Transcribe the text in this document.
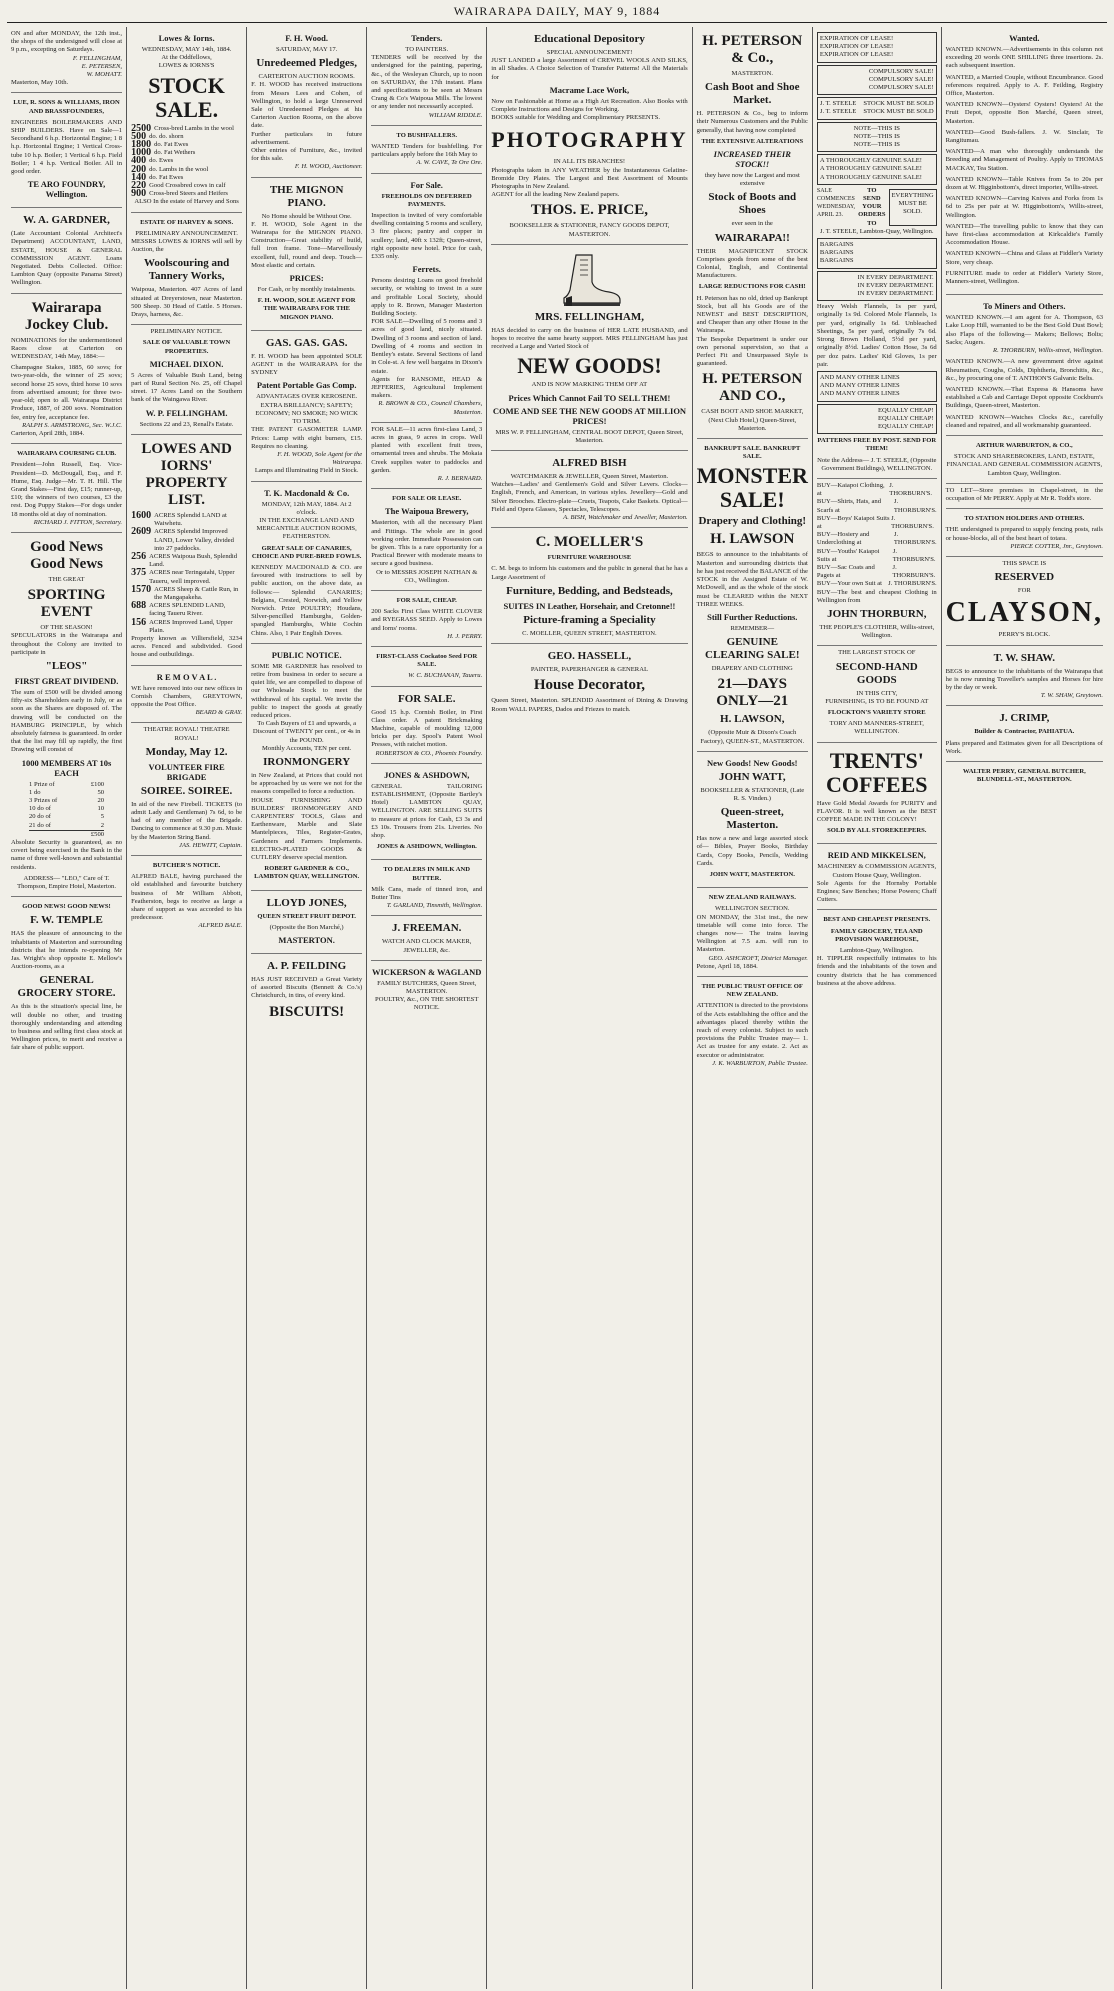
WAIRARAPA DAILY, MAY 9, 1884
ON and after MONDAY, the 12th inst., the shops of the undersigned will close at 9 p.m., excepting on Saturdays.
F. FELLINGHAM,
E. PETERSEN,
W. MOHATT.
Masterton, May 10th.
LUE, R. SONS & WILLIAMS, IRON AND BRASSFOUNDERS,
ENGINEERS BOILERMAKERS AND SHIP BUILDERS. Have on Sale—1 Secondhand 6 h.p. Horizontal Engine; 1 8 h.p. Horizontal Engine; 1 Vertical Cross-tube 10 h.p. Boiler; 1 Vertical 6 h.p. Field Boiler; 1 4 h.p. Vertical Boiler. All in good order.
TE ARO FOUNDRY, Wellington.
W. A. GARDNER,
(Late Accountant Colonial Architect's Department) ACCOUNTANT, LAND, ESTATE, HOUSE & GENERAL COMMISSION AGENT. Loans Negotiated. Debts Collected. Office: Lambton Quay (opposite Panama Street) Wellington.
Wairarapa Jockey Club.
NOMINATIONS for the undermentioned Races close at Carterton on WEDNESDAY, 14th May, 1884:—
Champagne Stakes, 1885, 60 sovs; for two-year-olds, the winner of 25 sovs; second horse 25 sovs, third horse 10 sovs from advertised amount; for three two-year-old; open to all. Wairarapa District Produce, 1887, of 200 sovs. Nomination fee, entry fee, acceptance fee.
RALPH S. ARMSTRONG, Sec. W.J.C.
Carterton, April 28th, 1884.
WAIRARAPA COURSING CLUB.
President—John Russell, Esq. Vice-President—D. McDougall, Esq., and F. Hume, Esq. Judge—Mr. T. H. Hill. The Grand Stakes—First day, £15; runner-up, £10; the winners of two courses, £3 the rest. Dog Puppy Stakes—For dogs under 18 months old at day of nomination.
RICHARD J. FITTON, Secretary.
Good News Good News
THE GREAT
SPORTING EVENT
OF THE SEASON!
SPECULATORS in the Wairarapa and throughout the Colony are invited to participate in
"LEOS"
FIRST GREAT DIVIDEND.
The sum of £500 will be divided among fifty-six Shareholders early in July, or as soon as the Shares are disposed of. The drawing will be conducted on the HAMBURG PRINCIPLE, by which absolutely fairness is guaranteed. In order that the list may fill up rapidly, the first Drawing will consist of
1000 MEMBERS AT 10s EACH
1 Prize of	£100
1 do	50
3 Prizes of	20
10 do of	10
20 do of	5
21 do of	2
£500
Absolute Security is guaranteed, as no covert being exercised in the Bank in the name of three well-known and substantial residents.
ADDRESS— "LEO," Care of T. Thompson, Empire Hotel, Masterton.
GOOD NEWS! GOOD NEWS!
F. W. TEMPLE
HAS the pleasure of announcing to the inhabitants of Masterton and surrounding districts that he intends re-opening Mr Jas. Wright's shop opposite E. Mellow's Auction-rooms, as a
GENERAL GROCERY STORE.
As this is the situation's special line, he will double no other, and trusting thoroughly understanding and attending to business and selling first class stock at Wellington prices, to merit and receive a fair share of public support.
Lowes & Iorns.
WEDNESDAY, MAY 14th, 1884.
At the Oddfellows,
LOWES & IORNS'S
STOCK SALE.
2500 Cross-bred Lambs in the wool
500 do. do. shorn
1800 do. Fat Ewes
1000 do. Fat Wethers
400 do. Ewes
200 do. Lambs in the wool
140 do. Fat Ewes
220 Good Crossbred cows in calf
900 Cross-bred Steers and Heifers
ALSO In the estate of Harvey and Sons
ESTATE OF HARVEY & SONS.
PRELIMINARY ANNOUNCEMENT.
MESSRS LOWES & IORNS will sell by Auction, the
Woolscouring and Tannery Works,
Waipoua, Masterton. 407 Acres of land situated at Dreyerstown, near Masterton. 500 Sheep. 30 Head of Cattle. 5 Horses. Drays, harness, &c.
PRELIMINARY NOTICE.
SALE OF VALUABLE TOWN PROPERTIES.
MICHAEL DIXON.
5 Acres of Valuable Bush Land, being part of Rural Section No. 25, off Chapel street. 17 Acres Land on the Southern bank of the Waingawa River.
W. P. FELLINGHAM.
Sections 22 and 23, Renall's Estate.
LOWES AND IORNS' PROPERTY LIST.
1600 ACRES Splendid LAND at Waiwhetu.
2609 ACRES Splendid Improved LAND, Lower Valley, divided into 27 paddocks.
256 ACRES Waipoua Bush, Splendid Land.
375 ACRES near Teringatahi, Upper Taueru, well improved.
1570 ACRES Sheep & Cattle Run, in the Mangapakeha.
688 ACRES SPLENDID LAND, facing Taueru River.
156 ACRES Improved Land, Upper Plain.
Property known as Villiersfield, 3234 acres. Fenced and subdivided. Good house and outbuildings.
R E M O V A L .
WE have removed into our new offices in Cornish Chambers, GREYTOWN, opposite the Post Office.
BEARD & GRAY.
THEATRE ROYAL! THEATRE ROYAL!
Monday, May 12.
VOLUNTEER FIRE BRIGADE
SOIREE. SOIREE.
In aid of the new Firebell. TICKETS (to admit Lady and Gentleman) 7s 6d, to be had of any member of the Brigade. Dancing to commence at 9.30 p.m. Music by the Masterton String Band.
JAS. HEWITT, Captain.
BUTCHER'S NOTICE.
ALFRED BALE, having purchased the old established and favourite butchery business of Mr William Abbott, Featherston, begs to receive as large a share of support as was accorded to his predecessor.
ALFRED BALE.
F. H. Wood.
SATURDAY, MAY 17.
Unredeemed Pledges,
CARTERTON AUCTION ROOMS.
F. H. WOOD has received instructions from Messrs Lees and Cohen, of Wellington, to hold a large Unreserved Sale of Unredeemed Pledges at his Carterton Auction Rooms, on the above date.
Further particulars in future advertisement.
Other entries of Furniture, &c., invited for this sale.
F. H. WOOD, Auctioneer.
THE MIGNON PIANO.
No Home should be Without One.
F. H. WOOD, Sole Agent in the Wairarapa for the MIGNON PIANO. Construction—Great stability of build, full iron frame. Tone—Marvellously excellent, full, round and deep. Touch—Most elastic and certain.
PRICES:
For Cash, or by monthly instalments.
F. H. WOOD, SOLE AGENT FOR THE WAIRARAPA FOR THE MIGNON PIANO.
GAS. GAS. GAS.
F. H. WOOD has been appointed SOLE AGENT in the WAIRARAPA for the SYDNEY
Patent Portable Gas Comp.
ADVANTAGES OVER KEROSENE. EXTRA BRILLIANCY; SAFETY; ECONOMY; NO SMOKE; NO WICK TO TRIM.
THE PATENT GASOMETER LAMP. Prices: Lamp with eight burners, £15. Requires no cleaning.
F. H. WOOD, Sole Agent for the Wairarapa.
Lamps and Illuminating Field in Stock.
T. K. Macdonald & Co.
MONDAY, 12th MAY, 1884. At 2 o'clock.
IN THE EXCHANGE LAND AND MERCANTILE AUCTION ROOMS, FEATHERSTON.
GREAT SALE OF CANARIES, CHOICE AND PURE-BRED FOWLS.
KENNEDY MACDONALD & CO. are favoured with instructions to sell by public auction, on the above date, as follows:— Splendid CANARIES; Belgians, Crested, Norwich, and Yellow Norwich. Prize POULTRY; Houdans, Silver-pencilled Hamburghs, Golden-spangled Hamburghs, White Cochin Chins. Also, 1 Pair English Doves.
PUBLIC NOTICE.
SOME MR GARDNER has resolved to retire from business in order to secure a quiet life, we are compelled to dispose of our Wholesale Stock to meet the withdrawal of his capital. We invite the public to inspect the goods at greatly reduced prices.
To Cash Buyers of £1 and upwards, a Discount of TWENTY per cent., or 4s in the POUND.
Monthly Accounts, TEN per cent.
IRONMONGERY
in New Zealand, at Prices that could not be approached by us were we not for the reasons compelled to force a reduction.
HOUSE FURNISHING AND BUILDERS' IRONMONGERY AND CARPENTERS' TOOLS, Glass and Earthenware, Marble and Slate Mantelpieces, Tiles, Register-Grates, Gardeners and Farmers Implements. ELECTRO-PLATED GOODS & CUTLERY deserve special mention.
ROBERT GARDNER & CO., LAMBTON QUAY, WELLINGTON.
LLOYD JONES,
QUEEN STREET FRUIT DEPOT.
(Opposite the Bon Marché,)
MASTERTON.
A. P. FEILDING
HAS JUST RECEIVED a Great Variety of assorted Biscuits (Bennett & Co.'s) Christchurch, in tins, of every kind.
BISCUITS!
Tenders.
TO PAINTERS.
TENDERS will be received by the undersigned for the painting, papering, &c., of the Wesleyan Church, up to noon on SATURDAY, the 17th instant. Plans and specifications to be seen at Messrs Crang & Co's Waipoua Mills. The lowest or any tender not necessarily accepted.
WILLIAM RIDDLE.
TO BUSHFALLERS.
WANTED Tenders for bushfelling. For particulars apply before the 16th May to
A. W. CAVE, Te Ore Ore.
For Sale.
FREEHOLDS ON DEFERRED PAYMENTS.
Inspection is invited of very comfortable dwelling containing 5 rooms and scullery, 3 fire places; pantry and copper in scullery; land, 40ft x 132ft; Queen-street, right opposite new hotel. Price for cash, £335 only.
Ferrets.
Persons desiring Loans on good freehold security, or wishing to invest in a sure and profitable Local Society, should apply to R. Brown, Manager Masterton Building Society.
FOR SALE—Dwelling of 5 rooms and 3 acres of good land, nicely situated. Dwelling of 3 rooms and section of land. Dwelling of 4 rooms and section in Bentley's estate. Several Sections of land in Cole-st. A few well bargains in Dixon's estate.
Agents for RANSOME, HEAD & JEFFERIES, Agricultural Implement makers.
R. BROWN & CO., Council Chambers, Masterton.
FOR SALE—11 acres first-class Land, 3 acres in grass, 9 acres in crops. Well planted with excellent fruit trees, ornamental trees and shrubs. The Mokaia Creek supplies water to paddocks and garden.
R. J. BERNARD.
FOR SALE OR LEASE.
The Waipoua Brewery,
Masterton, with all the necessary Plant and Fittings. The whole are in good working order. Immediate Possession can be given. This is a rare opportunity for a Practical Brewer with moderate means to secure a good business.
Or to MESSRS JOSEPH NATHAN & CO., Wellington.
FOR SALE, CHEAP.
200 Sacks First Class WHITE CLOVER and RYEGRASS SEED. Apply to Lowes and Iorns' rooms.
H. J. PERRY.
FIRST-CLASS Cockatoo Seed FOR SALE.
W. C. BUCHANAN, Taueru.
FOR SALE.
Good 15 h.p. Cornish Boiler, in First Class order. A patent Brickmaking Machine, capable of moulding 12,000 bricks per day. Spool's Patent Wool Presses, with ratchet motion.
ROBERTSON & CO., Phoenix Foundry.
JONES & ASHDOWN,
GENERAL TAILORING ESTABLISHMENT, (Opposite Bartley's Hotel) LAMBTON QUAY, WELLINGTON. ARE SELLING SUITS to measure at prices for Cash, £3 3s and £3 10s. Trousers from 21s. Liveries. No shop.
JONES & ASHDOWN, Wellington.
TO DEALERS IN MILK AND BUTTER.
Milk Cans, made of tinned iron, and Butter Tins
T. GARLAND, Tinsmith, Wellington.
J. FREEMAN.
WATCH AND CLOCK MAKER, JEWELLER, &c.
WICKERSON & WAGLAND
FAMILY BUTCHERS, Queen Street, MASTERTON.
POULTRY, &c., ON THE SHORTEST NOTICE.
Educational Depository
SPECIAL ANNOUNCEMENT!
JUST LANDED a large Assortment of CREWEL WOOLS AND SILKS, in all Shades. A Choice Selection of Transfer Patterns! All the Materials for
Macrame Lace Work,
Now on Fashionable at Home as a High Art Recreation. Also Books with Complete Instructions and Designs for Working.
BOOKS suitable for Wedding and Complimentary PRESENTS.
PHOTOGRAPHY
IN ALL ITS BRANCHES!
Photographs taken in ANY WEATHER by the Instantaneous Gelatine-Bromide Dry Plates. The Largest and Best Assortment of Mounts Photographs in New Zealand.
AGENT for all the leading New Zealand papers.
THOS. E. PRICE,
BOOKSELLER & STATIONER, FANCY GOODS DEPOT, MASTERTON.
MRS. FELLINGHAM,
HAS decided to carry on the business of HER LATE HUSBAND, and hopes to receive the same hearty support. MRS FELLINGHAM has just received a Large and Varied Stock of
NEW GOODS!
AND IS NOW MARKING THEM OFF AT
Prices Which Cannot Fail TO SELL THEM!
COME AND SEE THE NEW GOODS AT MILLION PRICES!
MRS W. P. FELLINGHAM, CENTRAL BOOT DEPOT, Queen Street, Masterton.
ALFRED BISH
WATCHMAKER & JEWELLER, Queen Street, Masterton.
Watches—Ladies' and Gentlemen's Gold and Silver Levers. Clocks—English, French, and American, in various styles. Jewellery—Gold and Silver Brooches. Electro-plate—Cruets, Teapots, Cake Baskets. Optical—Field and Opera Glasses, Spectacles, Telescopes.
A. BISH, Watchmaker and Jeweller, Masterton.
C. MOELLER'S
FURNITURE WAREHOUSE
C. M. begs to inform his customers and the public in general that he has a Large Assortment of
Furniture, Bedding, and Bedsteads,
SUITES IN Leather, Horsehair, and Cretonne!!
Picture-framing a Speciality
C. MOELLER, QUEEN STREET, MASTERTON.
GEO. HASSELL,
PAINTER, PAPERHANGER & GENERAL
House Decorator,
Queen Street, Masterton. SPLENDID Assortment of Dining & Drawing Room WALL PAPERS, Dados and Friezes to match.
H. PETERSON & Co.,
MASTERTON.
Cash Boot and Shoe Market.
H. PETERSON & Co., beg to inform their Numerous Customers and the Public generally, that having now completed
THE EXTENSIVE ALTERATIONS
INCREASED THEIR STOCK!!
they have now the Largest and most extensive
Stock of Boots and Shoes
ever seen in the
WAIRARAPA!!
THEIR MAGNIFICENT STOCK Comprises goods from some of the best Colonial, English, and Continental Manufacturers.
LARGE REDUCTIONS FOR CASH!
H. Peterson has no old, dried up Bankrupt Stock, but all his Goods are of the NEWEST and BEST DESCRIPTION, and Cheaper than any other House in the Wairarapa.
The Bespoke Department is under our own personal supervision, so that a Perfect Fit and Unsurpassed Style is guaranteed.
H. PETERSON AND CO.,
CASH BOOT AND SHOE MARKET, (Next Club Hotel,) Queen-Street, Masterton.
BANKRUPT SALE. BANKRUPT SALE.
MONSTER SALE!
Drapery and Clothing!
H. LAWSON
BEGS to announce to the inhabitants of Masterton and surrounding districts that he has just received the BALANCE of the STOCK in the Assigned Estate of W. McDowell, and as the whole of the stock must be CLEARED within the NEXT THREE WEEKS.
Still Further Reductions.
REMEMBER—
GENUINE CLEARING SALE!
DRAPERY AND CLOTHING
21—DAYS ONLY—21
H. LAWSON,
(Opposite Muir & Dixon's Coach Factory), QUEEN-ST., MASTERTON.
New Goods! New Goods!
JOHN WATT,
BOOKSELLER & STATIONER, (Late R. S. Vinden.)
Queen-street, Masterton.
Has now a new and large assorted stock of— Bibles, Prayer Books, Birthday Cards, Copy Books, Pencils, Wedding Cards.
JOHN WATT, MASTERTON.
NEW ZEALAND RAILWAYS.
WELLINGTON SECTION.
ON MONDAY, the 31st inst., the new timetable will come into force. The changes now— The trains leaving Wellington at 7.5 a.m. will run to Masterton.
GEO. ASHCROFT, District Manager.
Petone, April 18, 1884.
THE PUBLIC TRUST OFFICE OF NEW ZEALAND.
ATTENTION is directed to the provisions of the Acts establishing the office and the advantages placed thereby within the reach of every colonist. Subject to such provisions the Public Trustee may— 1. Act as trustee for any estate. 2. Act as executor or administrator.
J. K. WARBURTON, Public Trustee.
EXPIRATION OF LEASE!
EXPIRATION OF LEASE!
EXPIRATION OF LEASE!
COMPULSORY SALE!
COMPULSORY SALE!
COMPULSORY SALE!
J. T. STEELE STOCK MUST BE SOLD
J. T. STEELE STOCK MUST BE SOLD
NOTE—THIS IS
NOTE—THIS IS
NOTE—THIS IS
A THOROUGHLY GENUINE SALE!
A THOROUGHLY GENUINE SALE!
A THOROUGHLY GENUINE SALE!
SALE COMMENCES WEDNESDAY, APRIL 23.
TO SEND YOUR ORDERS TO
EVERYTHING MUST BE SOLD.
J. T. STEELE, Lambton-Quay, Wellington.
BARGAINS
BARGAINS
BARGAINS
IN EVERY DEPARTMENT.
IN EVERY DEPARTMENT.
IN EVERY DEPARTMENT.
Heavy Welsh Flannels, 1s per yard, originally 1s 9d. Colored Mole Flannels, 1s per yard, originally 1s 6d. Unbleached Sheetings, 5s per yard, originally 7s 6d. Strong Brown Holland, 5½d per yard, originally 8½d. Ladies' Cotton Hose, 3s 6d per doz pairs. Ladies' Kid Gloves, 1s per pair.
AND MANY OTHER LINES
AND MANY OTHER LINES
AND MANY OTHER LINES
EQUALLY CHEAP!
EQUALLY CHEAP!
EQUALLY CHEAP!
PATTERNS FREE BY POST. SEND FOR THEM!
Note the Address— J. T. STEELE, (Opposite Government Buildings), WELLINGTON.
BUY—Kaiapoi Clothing, at
J. THORBURN'S.
BUY—Shirts, Hats, and Scarfs at
J. THORBURN'S.
BUY—Boys' Kaiapoi Suits at
J. THORBURN'S.
BUY—Hosiery and Underclothing at
J. THORBURN'S.
BUY—Youths' Kaiapoi Suits at
J. THORBURN'S.
BUY—Sac Coats and Pagets at
J. THORBURN'S.
BUY—Your own Suit at J. THORBURN'S.
BUY—The best and cheapest Clothing in Wellington from
JOHN THORBURN,
THE PEOPLE'S CLOTHIER, Willis-street, Wellington.
THE LARGEST STOCK OF
SECOND-HAND GOODS
IN THIS CITY,
FURNISHING, IS TO BE FOUND AT
FLOCKTON'S VARIETY STORE
TORY AND MANNERS-STREET, WELLINGTON.
TRENTS' COFFEES
Have Gold Medal Awards for PURITY and FLAVOR. It is well known as the BEST COFFEE MADE IN THE COLONY!
SOLD BY ALL STOREKEEPERS.
REID AND MIKKELSEN,
MACHINERY & COMMISSION AGENTS, Custom House Quay, Wellington.
Sole Agents for the Hornsby Portable Engines; Saw Benches; Horse Powers; Chaff Cutters.
BEST AND CHEAPEST PRESENTS.
FAMILY GROCERY, TEA AND PROVISION WAREHOUSE,
Lambton-Quay, Wellington.
H. TIPPLER respectfully intimates to his friends and the inhabitants of the town and country districts that he has commenced business at the above address.
Wanted.
WANTED KNOWN.—Advertisements in this column not exceeding 20 words ONE SHILLING three insertions. 2s. each subsequent insertion.
WANTED, a Married Couple, without Encumbrance. Good references required. Apply to A. F. Feilding, Registry Office, Masterton.
WANTED KNOWN—Oysters! Oysters! Oysters! At the Fruit Depot, opposite Bon Marché, Queen street, Masterton.
WANTED—Good Bush-fallers. J. W. Sinclair, Te Rangitumau.
WANTED—A man who thoroughly understands the Breeding and Management of Poultry. Apply to THOMAS MACKAY, Tea Station.
WANTED KNOWN—Table Knives from 5s to 20s per dozen at W. Higginbottom's, direct importer, Willis-street.
WANTED KNOWN—Carving Knives and Forks from 1s 6d to 25s per pair at W. Higginbottom's, Willis-street, Wellington.
WANTED—The travelling public to know that they can have first-class accommodation at Kirkcaldie's Family Accommodation House.
WANTED KNOWN—China and Glass at Fiddler's Variety Store, very cheap.
FURNITURE made to order at Fiddler's Variety Store, Manners-street, Wellington.
To Miners and Others.
WANTED KNOWN.—I am agent for A. Thompson, 63 Lake Loop Hill, warranted to be the Best Gold Dust Bowl; also Flaps of the following— Makers; Bellows; Bolts; Sacks; Augers.
R. THORBURN, Willis-street, Wellington.
WANTED KNOWN.—A new government drive against Rheumatism, Coughs, Colds, Diphtheria, Bronchitis, &c., &c., by procuring one of T. ANTHON'S Galvanic Belts.
WANTED KNOWN.—That Express & Hansoms have established a Cab and Carriage Depot opposite Cockburn's Buildings, Queen-street, Masterton.
WANTED KNOWN—Watches Clocks &c., carefully cleaned and repaired, and all workmanship guaranteed.
ARTHUR WARBURTON, & CO.,
STOCK AND SHAREBROKERS, LAND, ESTATE, FINANCIAL AND GENERAL COMMISSION AGENTS, Lambton Quay, Wellington.
TO LET—Store premises in Chapel-street, in the occupation of Mr PERRY. Apply at Mr R. Todd's store.
TO STATION HOLDERS AND OTHERS.
THE undersigned is prepared to supply fencing posts, rails or house-blocks, all of the best heart of totara.
PIERCE COTTER, Jnr., Greytown.
THIS SPACE IS
RESERVED
FOR
CLAYSON,
PERRY'S BLOCK.
T. W. SHAW.
BEGS to announce to the inhabitants of the Wairarapa that he is now running Traveller's samples and Horses for hire by the day or week.
T. W. SHAW, Greytown.
J. CRIMP,
Builder & Contractor, PAHIATUA.
Plans prepared and Estimates given for all Descriptions of Work.
WALTER PERRY, GENERAL BUTCHER, BLUNDELL-ST., MASTERTON.
